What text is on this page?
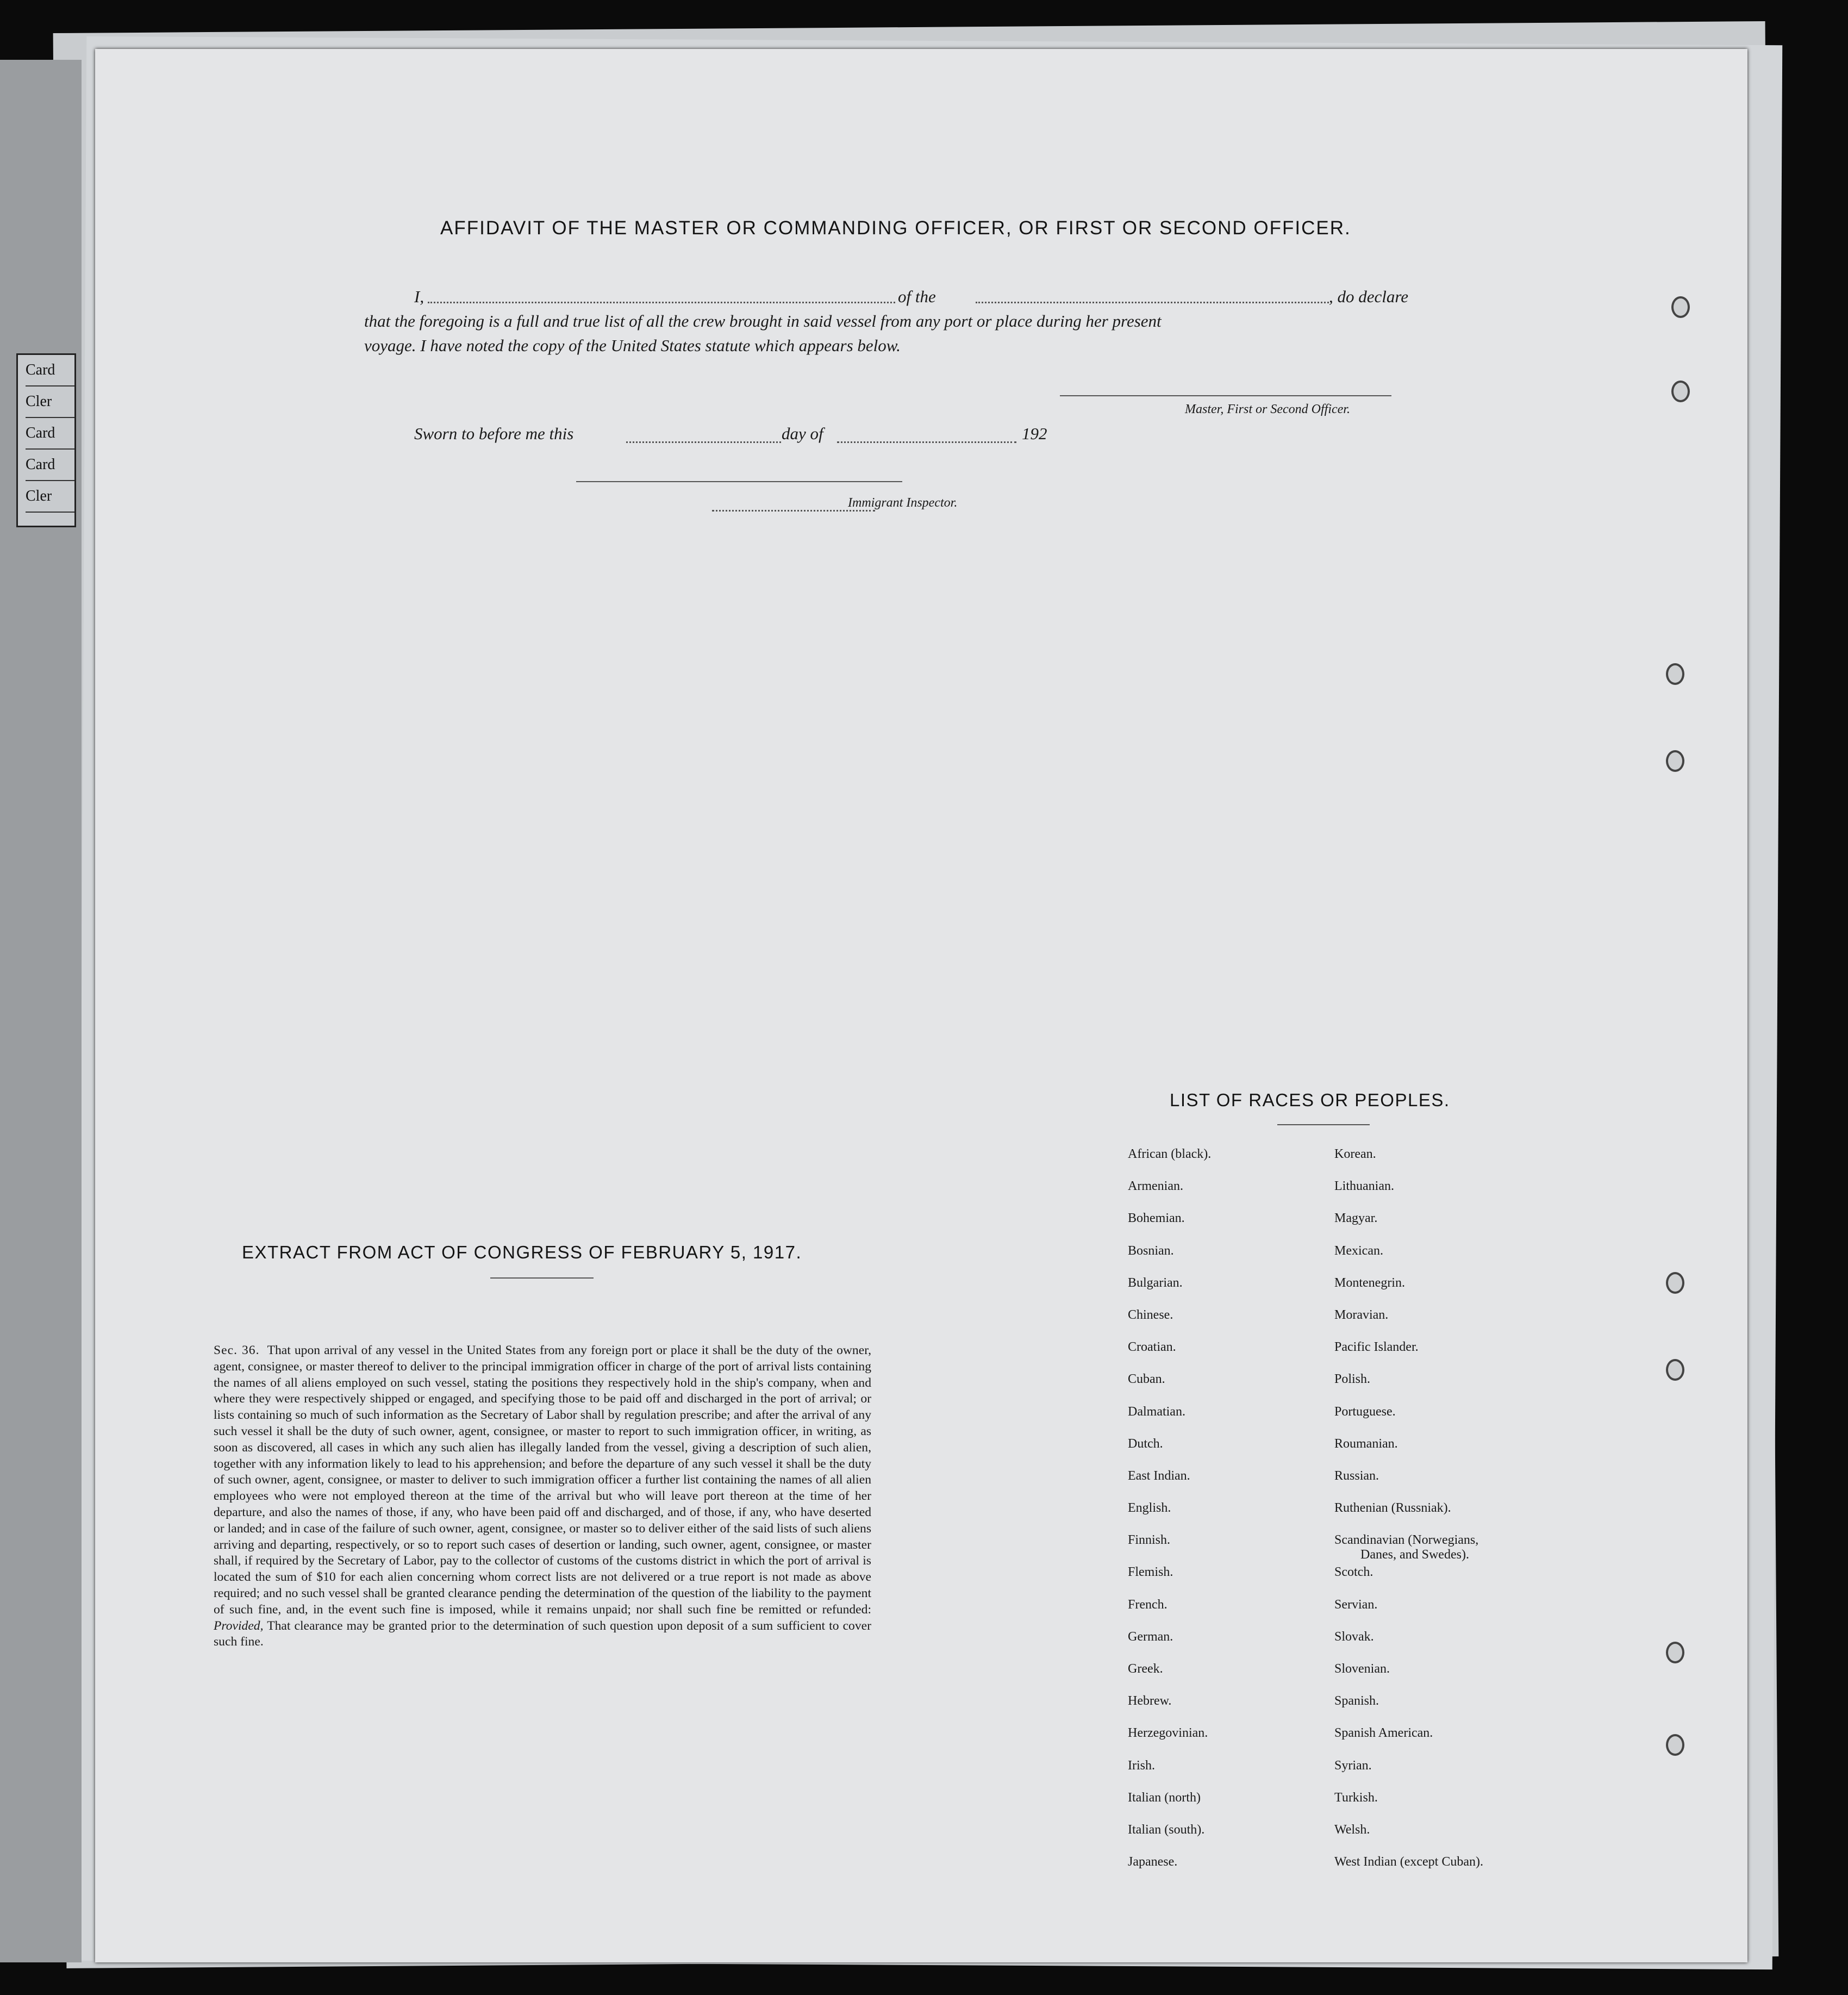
Card
Cler
Card
Card
Cler
AFFIDAVIT OF THE MASTER OR COMMANDING OFFICER, OR FIRST OR SECOND OFFICER.
I,	of the	, do declare
that the foregoing is a full and true list of all the crew brought in said vessel from any port or place during her present
voyage. I have noted the copy of the United States statute which appears below.
Master, First or Second Officer.
Sworn to before me this	day of	192
Immigrant Inspector.
EXTRACT FROM ACT OF CONGRESS OF FEBRUARY 5, 1917.
Sec. 36. That upon arrival of any vessel in the United States from any foreign port or place it shall be the duty of the owner, agent, consignee, or master thereof to deliver to the principal immigration officer in charge of the port of arrival lists containing the names of all aliens employed on such vessel, stating the positions they respectively hold in the ship's company, when and where they were respectively shipped or engaged, and specifying those to be paid off and discharged in the port of arrival; or lists containing so much of such information as the Secretary of Labor shall by regulation prescribe; and after the arrival of any such vessel it shall be the duty of such owner, agent, consignee, or master to report to such immigration officer, in writing, as soon as discovered, all cases in which any such alien has illegally landed from the vessel, giving a description of such alien, together with any information likely to lead to his apprehension; and before the departure of any such vessel it shall be the duty of such owner, agent, consignee, or master to deliver to such immigration officer a further list containing the names of all alien employees who were not employed thereon at the time of the arrival but who will leave port thereon at the time of her departure, and also the names of those, if any, who have been paid off and discharged, and of those, if any, who have deserted or landed; and in case of the failure of such owner, agent, consignee, or master so to deliver either of the said lists of such aliens arriving and departing, respectively, or so to report such cases of desertion or landing, such owner, agent, consignee, or master shall, if required by the Secretary of Labor, pay to the collector of customs of the customs district in which the port of arrival is located the sum of $10 for each alien concerning whom correct lists are not delivered or a true report is not made as above required; and no such vessel shall be granted clearance pending the determination of the question of the liability to the payment of such fine, and, in the event such fine is imposed, while it remains unpaid; nor shall such fine be remitted or refunded: Provided, That clearance may be granted prior to the determination of such question upon deposit of a sum sufficient to cover such fine.
LIST OF RACES OR PEOPLES.
African (black).
Armenian.
Bohemian.
Bosnian.
Bulgarian.
Chinese.
Croatian.
Cuban.
Dalmatian.
Dutch.
East Indian.
English.
Finnish.
Flemish.
French.
German.
Greek.
Hebrew.
Herzegovinian.
Irish.
Italian (north)
Italian (south).
Japanese.
Korean.
Lithuanian.
Magyar.
Mexican.
Montenegrin.
Moravian.
Pacific Islander.
Polish.
Portuguese.
Roumanian.
Russian.
Ruthenian (Russniak).
Scandinavian (Norwegians,
Danes, and Swedes).
Scotch.
Servian.
Slovak.
Slovenian.
Spanish.
Spanish American.
Syrian.
Turkish.
Welsh.
West Indian (except Cuban).
